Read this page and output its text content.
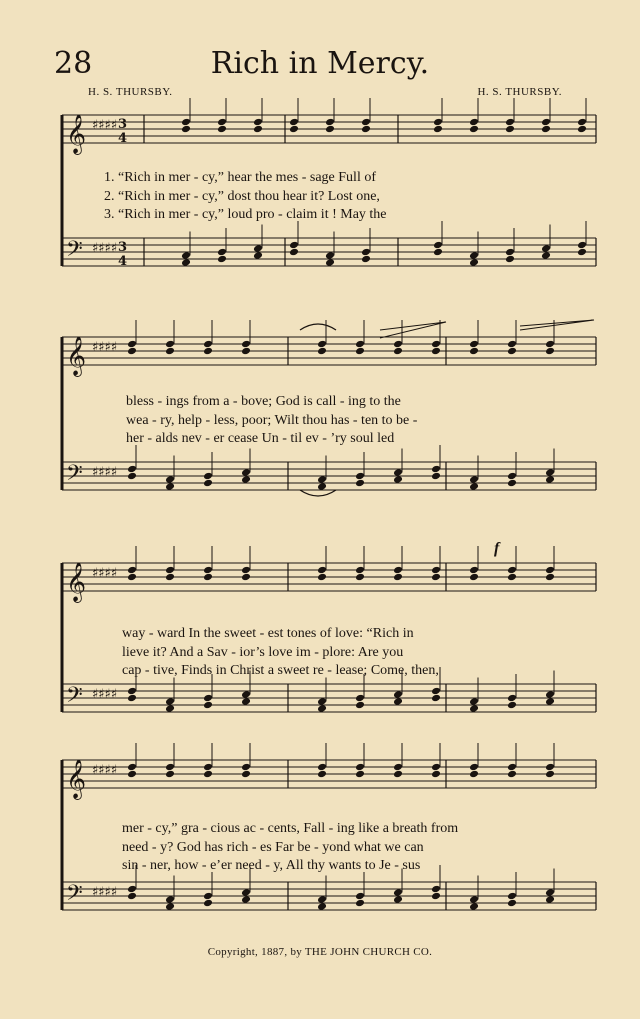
28	Rich in Mercy.
H. S. THURSBY.	H. S. THURSBY.
𝄞 ♯♯♯♯
𝄢 ♯♯♯♯
3
4
3
4
𝄞 ♯♯♯♯
𝄢 ♯♯♯♯
𝄞 ♯♯♯♯
𝄢 ♯♯♯♯
𝄞 ♯♯♯♯
𝄢 ♯♯♯♯
1. “Rich in mer - cy,” hear the mes - sage Full of
2. “Rich in mer - cy,” dost thou hear it? Lost one,
3. “Rich in mer - cy,” loud pro - claim it ! May the
bless - ings from a - bove; God is call - ing to the
wea - ry, help - less, poor; Wilt thou has - ten to be -
her - alds nev - er cease Un - til ev - ’ry soul led
way - ward In the sweet - est tones of love: “Rich in
lieve it? And a Sav - ior’s love im - plore: Are you
cap - tive, Finds in Christ a sweet re - lease; Come, then,
mer - cy,” gra - cious ac - cents, Fall - ing like a breath from
need - y? God has rich - es Far be - yond what we can
sin - ner, how - e’er need - y, All thy wants to Je - sus
f
Copyright, 1887, by THE JOHN CHURCH CO.
